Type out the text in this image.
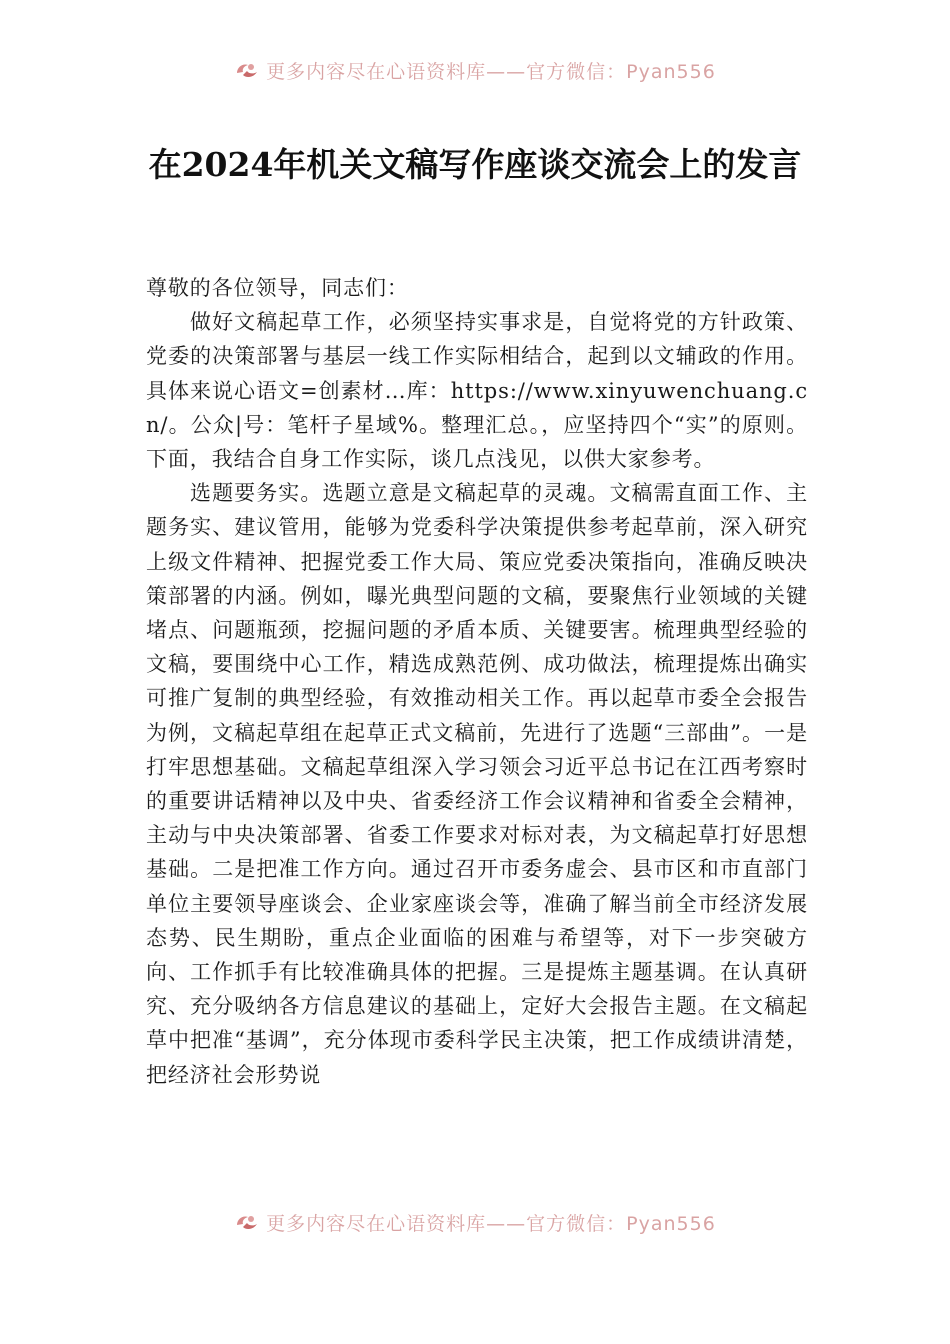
更多内容尽在心语资料库——官方微信：Pyan556
在2024年机关文稿写作座谈交流会上的发言

尊敬的各位领导，同志们：

做好文稿起草工作，必须坚持实事求是，自觉将党的方针政策、党委的决策部署与基层一线工作实际相结合，起到以文辅政的作用。具体来说心语文=创素材…库：https://www.xinyuwenchuang.cn/。公众|号：笔杆子星域%。整理汇总。，应坚持四个“实”的原则。下面，我结合自身工作实际，谈几点浅见，以供大家参考。

选题要务实。选题立意是文稿起草的灵魂。文稿需直面工作、主题务实、建议管用，能够为党委科学决策提供参考起草前，深入研究上级文件精神、把握党委工作大局、策应党委决策指向，准确反映决策部署的内涵。例如，曝光典型问题的文稿，要聚焦行业领域的关键堵点、问题瓶颈，挖掘问题的矛盾本质、关键要害。梳理典型经验的文稿，要围绕中心工作，精选成熟范例、成功做法，梳理提炼出确实可推广复制的典型经验，有效推动相关工作。再以起草市委全会报告为例，文稿起草组在起草正式文稿前，先进行了选题“三部曲”。一是打牢思想基础。文稿起草组深入学习领会习近平总书记在江西考察时的重要讲话精神以及中央、省委经济工作会议精神和省委全会精神，主动与中央决策部署、省委工作要求对标对表，为文稿起草打好思想基础。二是把准工作方向。通过召开市委务虚会、县市区和市直部门单位主要领导座谈会、企业家座谈会等，准确了解当前全市经济发展态势、民生期盼，重点企业面临的困难与希望等，对下一步突破方向、工作抓手有比较准确具体的把握。三是提炼主题基调。在认真研究、充分吸纳各方信息建议的基础上，定好大会报告主题。在文稿起草中把准“基调”，充分体现市委科学民主决策，把工作成绩讲清楚，把经济社会形势说

更多内容尽在心语资料库——官方微信：Pyan556
